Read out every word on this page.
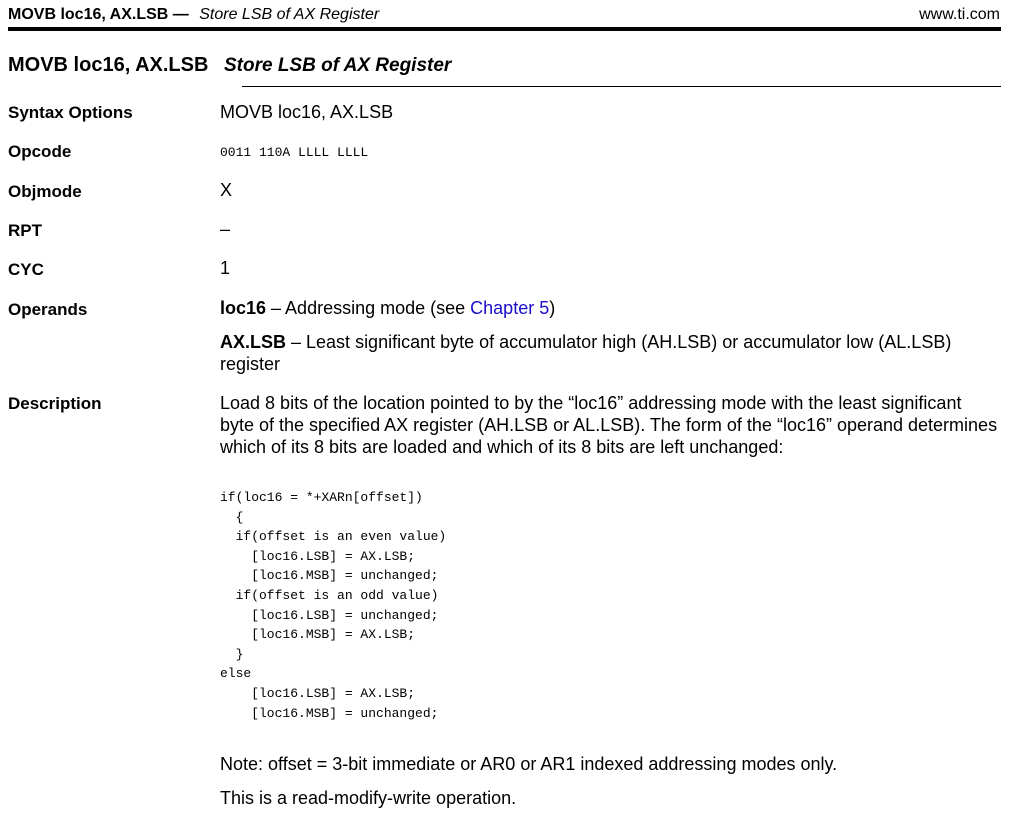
MOVB loc16, AX.LSB — Store LSB of AX Register	www.ti.com
MOVB loc16, AX.LSB Store LSB of AX Register
Syntax Options	MOVB loc16, AX.LSB
Opcode	0011 110A LLLL LLLL
Objmode	X
RPT	–
CYC	1
Operands	loc16 – Addressing mode (see Chapter 5)
AX.LSB – Least significant byte of accumulator high (AH.LSB) or accumulator low (AL.LSB) register
Description	Load 8 bits of the location pointed to by the “loc16” addressing mode with the least significant byte of the specified AX register (AH.LSB or AL.LSB). The form of the “loc16” operand determines which of its 8 bits are loaded and which of its 8 bits are left unchanged:
if(loc16 = *+XARn[offset])
{
if(offset is an even value)
[loc16.LSB] = AX.LSB;
[loc16.MSB] = unchanged;
if(offset is an odd value)
[loc16.LSB] = unchanged;
[loc16.MSB] = AX.LSB;
}
else
[loc16.LSB] = AX.LSB;
[loc16.MSB] = unchanged;
Note: offset = 3-bit immediate or AR0 or AR1 indexed addressing modes only.
This is a read-modify-write operation.
